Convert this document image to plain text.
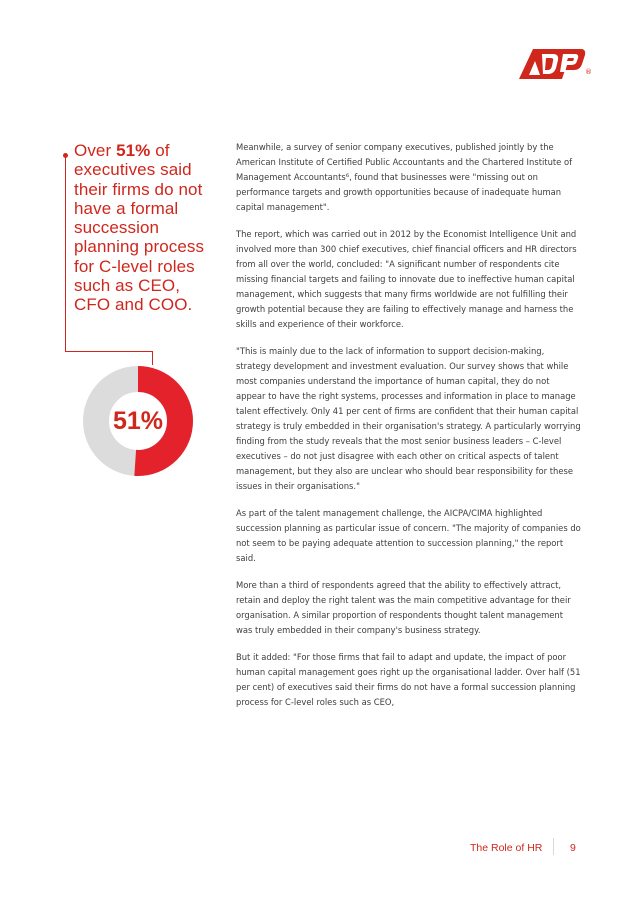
®
Over 51% of executives said their firms do not have a formal succession planning process for C-level roles such as CEO, CFO and COO.
51%

Meanwhile, a survey of senior company executives, published jointly by the American Institute of Certified Public Accountants and the Chartered Institute of Management Accountants⁶, found that businesses were "missing out on performance targets and growth opportunities because of inadequate human capital management".

The report, which was carried out in 2012 by the Economist Intelligence Unit and involved more than 300 chief executives, chief financial officers and HR directors from all over the world, concluded: "A significant number of respondents cite missing financial targets and failing to innovate due to ineffective human capital management, which suggests that many firms worldwide are not fulfilling their growth potential because they are failing to effectively manage and harness the skills and experience of their workforce.

"This is mainly due to the lack of information to support decision-making, strategy development and investment evaluation. Our survey shows that while most companies understand the importance of human capital, they do not appear to have the right systems, processes and information in place to manage talent effectively. Only 41 per cent of firms are confident that their human capital strategy is truly embedded in their organisation's strategy. A particularly worrying finding from the study reveals that the most senior business leaders – C-level executives – do not just disagree with each other on critical aspects of talent management, but they also are unclear who should bear responsibility for these issues in their organisations."

As part of the talent management challenge, the AICPA/CIMA highlighted succession planning as particular issue of concern. "The majority of companies do not seem to be paying adequate attention to succession planning," the report said.

More than a third of respondents agreed that the ability to effectively attract, retain and deploy the right talent was the main competitive advantage for their organisation. A similar proportion of respondents thought talent management was truly embedded in their company's business strategy.

But it added: "For those firms that fail to adapt and update, the impact of poor human capital management goes right up the organisational ladder. Over half (51 per cent) of executives said their firms do not have a formal succession planning process for C-level roles such as CEO,

The Role of HR	9
